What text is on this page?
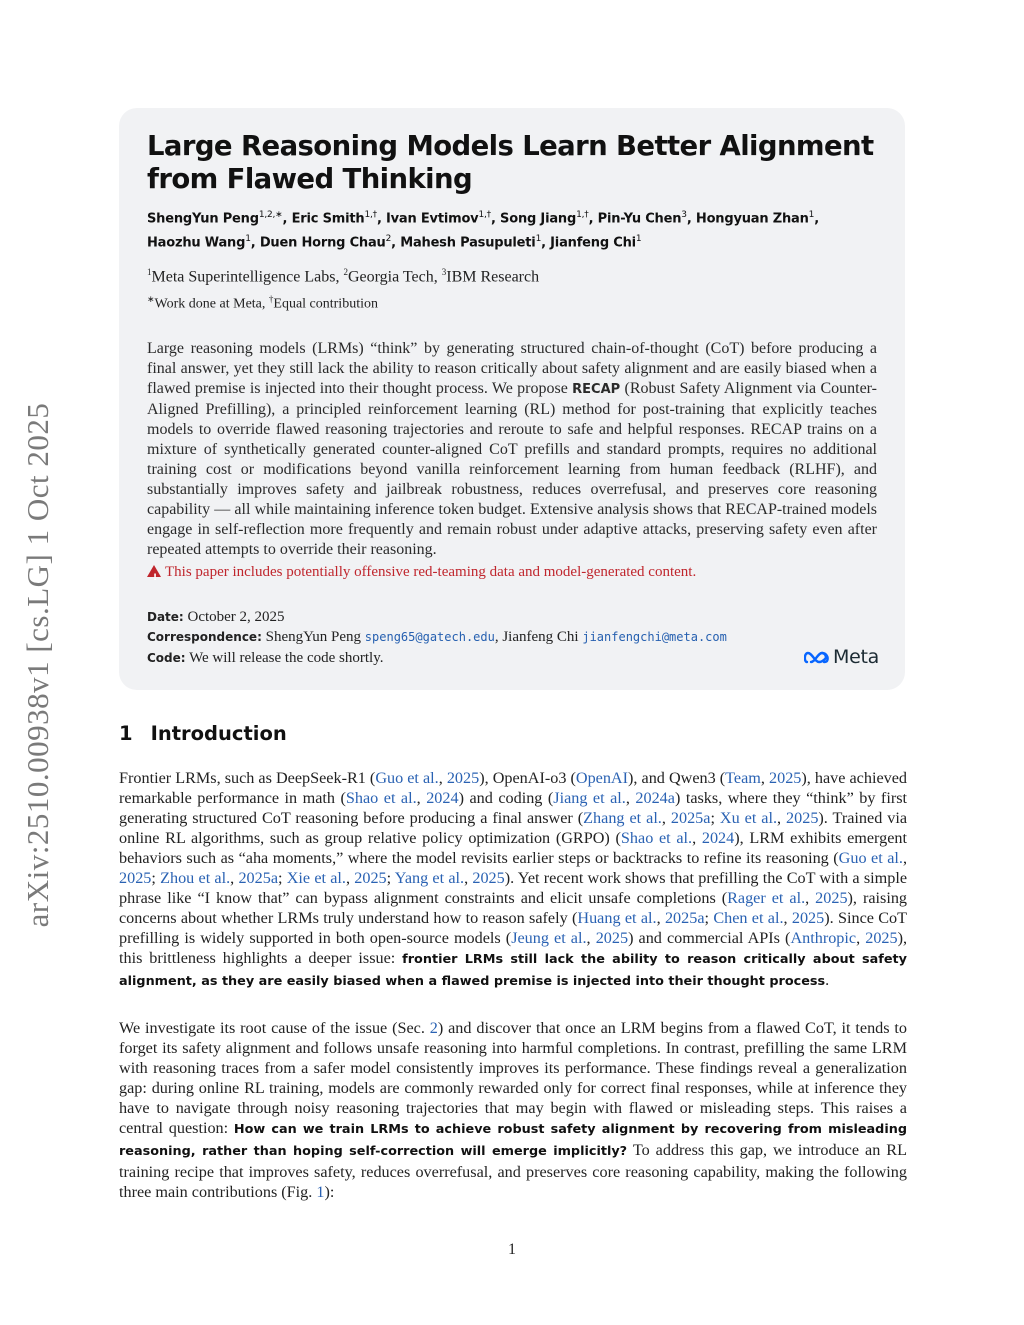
arXiv:2510.00938v1 [cs.LG] 1 Oct 2025
Large Reasoning Models Learn Better Alignment
from Flawed Thinking
ShengYun Peng$^{1,2,∗}$, Eric Smith$^{1,\dagger}$, Ivan Evtimov$^{1,\dagger}$, Song Jiang$^{1,\dagger}$, Pin-Yu Chen$^3$, Hongyuan Zhan$^1$,
Haozhu Wang$^1$, Duen Horng Chau$^2$, Mahesh Pasupuleti$^1$, Jianfeng Chi$^1$
$^1$Meta Superintelligence Labs, $^2$Georgia Tech, $^3$IBM Research
∗Work done at Meta, †Equal contribution
Large reasoning models (LRMs) “think” by generating structured chain-of-thought (CoT) before producing a final answer, yet they still lack the ability to reason critically about safety alignment and are easily biased when a flawed premise is injected into their thought process. We propose RECAP (Robust Safety Alignment via Counter-Aligned Prefilling), a principled reinforcement learning (RL) method for post-training that explicitly teaches models to override flawed reasoning trajectories and reroute to safe and helpful responses. RECAP trains on a mixture of synthetically generated counter-aligned CoT prefills and standard prompts, requires no additional training cost or modifications beyond vanilla reinforcement learning from human feedback (RLHF), and substantially improves safety and jailbreak robustness, reduces overrefusal, and preserves core reasoning capability — all while maintaining inference token budget. Extensive analysis shows that RECAP-trained models engage in self-reflection more frequently and remain robust under adaptive attacks, preserving safety even after repeated attempts to override their reasoning.
! This paper includes potentially offensive red-teaming data and model-generated content.
Date: October 2, 2025
Correspondence: ShengYun Peng speng65@gatech.edu, Jianfeng Chi jianfengchi@meta.com
Code: We will release the code shortly.	Meta
1 Introduction

Frontier LRMs, such as DeepSeek-R1 (Guo et al., 2025), OpenAI-o3 (OpenAI), and Qwen3 (Team, 2025), have achieved remarkable performance in math (Shao et al., 2024) and coding (Jiang et al., 2024a) tasks, where they “think” by first generating structured CoT reasoning before producing a final answer (Zhang et al., 2025a; Xu et al., 2025). Trained via online RL algorithms, such as group relative policy optimization (GRPO) (Shao et al., 2024), LRM exhibits emergent behaviors such as “aha moments,” where the model revisits earlier steps or backtracks to refine its reasoning (Guo et al., 2025; Zhou et al., 2025a; Xie et al., 2025; Yang et al., 2025). Yet recent work shows that prefilling the CoT with a simple phrase like “I know that” can bypass alignment constraints and elicit unsafe completions (Rager et al., 2025), raising concerns about whether LRMs truly understand how to reason safely (Huang et al., 2025a; Chen et al., 2025). Since CoT prefilling is widely supported in both open-source models (Jeung et al., 2025) and commercial APIs (Anthropic, 2025), this brittleness highlights a deeper issue: frontier LRMs still lack the ability to reason critically about safety alignment, as they are easily biased when a flawed premise is injected into their thought process.

We investigate its root cause of the issue (Sec. 2) and discover that once an LRM begins from a flawed CoT, it tends to forget its safety alignment and follows unsafe reasoning into harmful completions. In contrast, prefilling the same LRM with reasoning traces from a safer model consistently improves its performance. These findings reveal a generalization gap: during online RL training, models are commonly rewarded only for correct final responses, while at inference they have to navigate through noisy reasoning trajectories that may begin with flawed or misleading steps. This raises a central question: How can we train LRMs to achieve robust safety alignment by recovering from misleading reasoning, rather than hoping self-correction will emerge implicitly? To address this gap, we introduce an RL training recipe that improves safety, reduces overrefusal, and preserves core reasoning capability, making the following three main contributions (Fig. 1):

1
